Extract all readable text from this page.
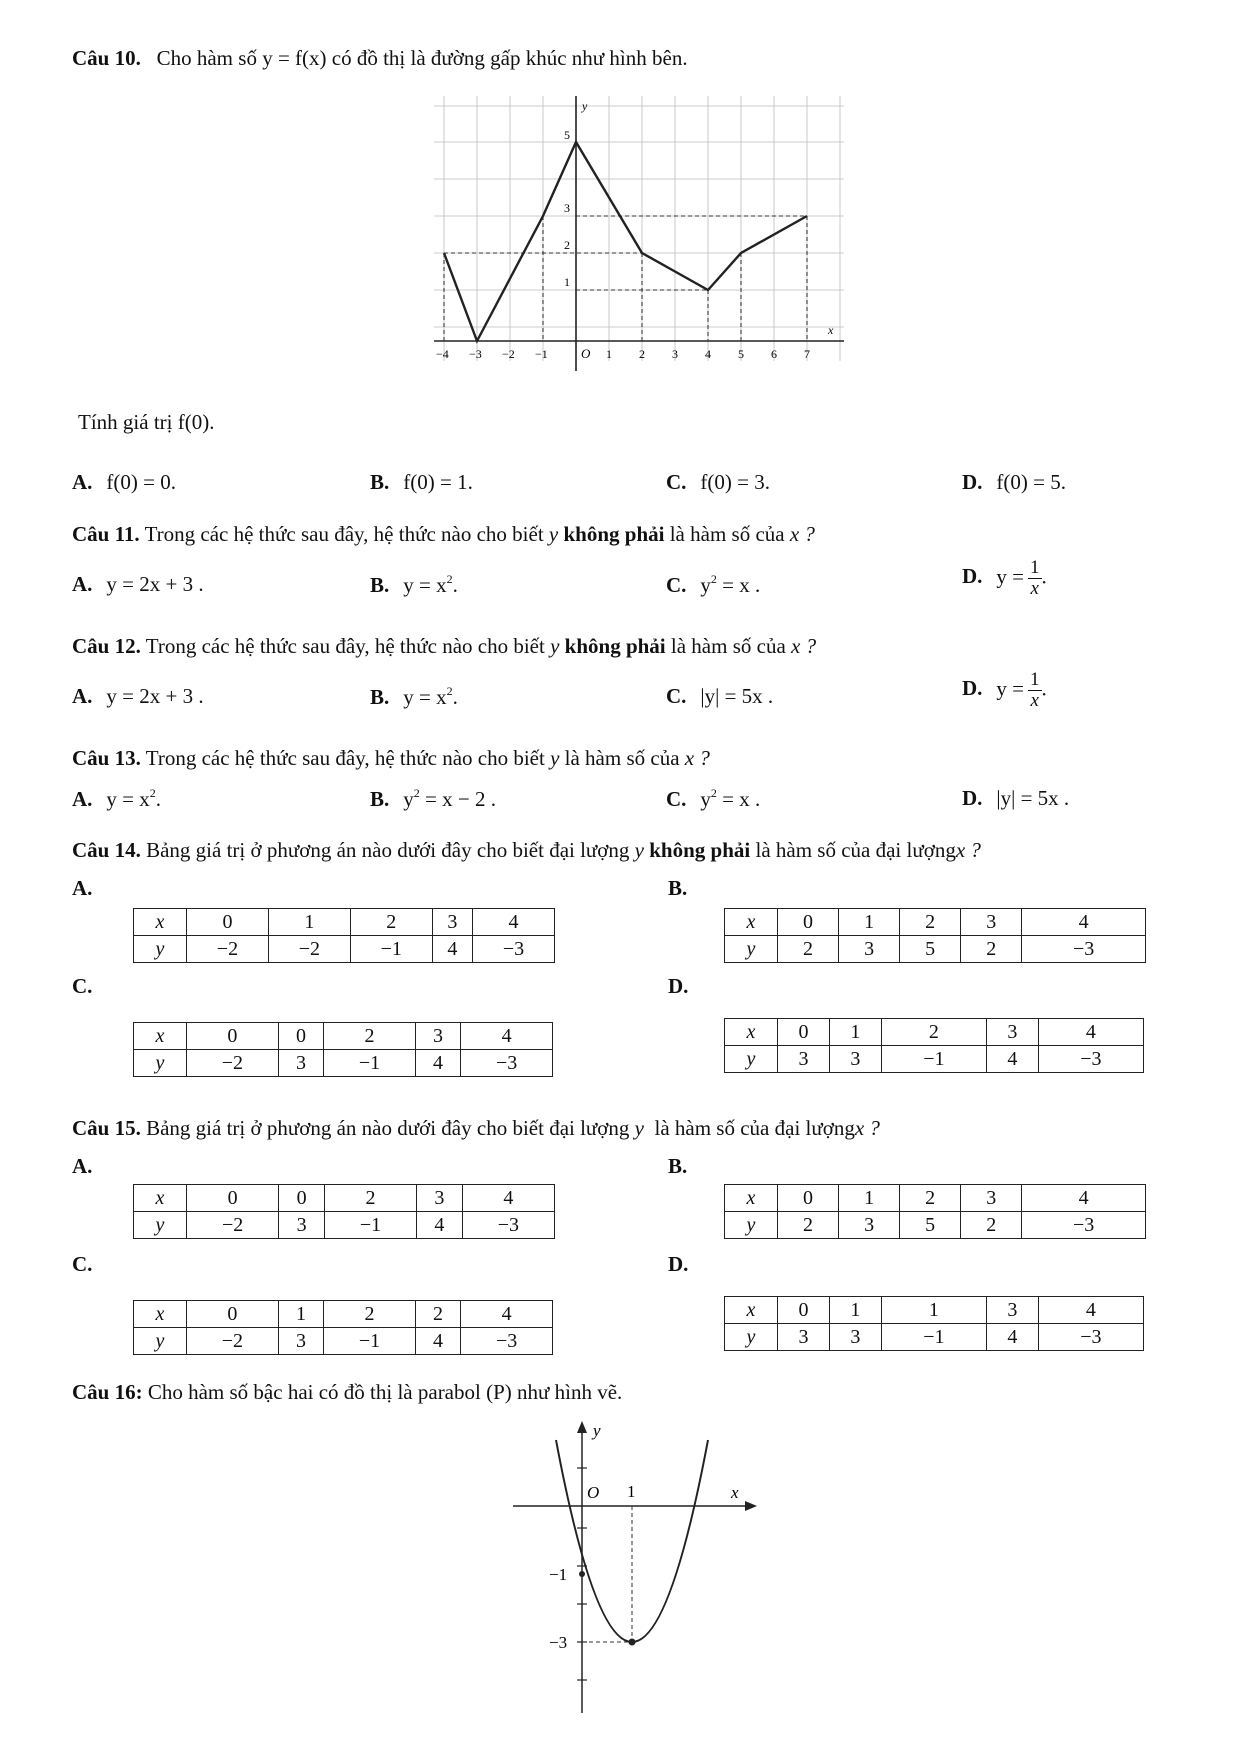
Câu 10. Cho hàm số y = f(x) có đồ thị là đường gấp khúc như hình bên.
y
x
O
5
3
2
1
−4 −3 −2 −1	1 2 3 4 5 6 7
Tính giá trị f(0).
A. f(0) = 0.	B. f(0) = 1.	C. f(0) = 3.	D. f(0) = 5.
Câu 11. Trong các hệ thức sau đây, hệ thức nào cho biết y không phải là hàm số của x ?
A. y = 2x + 3 .	B. $y = x^2$.	C. $y^2 = x$ .	D. $y = \frac{1}{x}$ .
Câu 12. Trong các hệ thức sau đây, hệ thức nào cho biết y không phải là hàm số của x ?
A. y = 2x + 3 .	B. $y = x^2$.	C. |y| = 5x .	D. $y = \frac{1}{x}$ .
Câu 13. Trong các hệ thức sau đây, hệ thức nào cho biết y là hàm số của x ?
A. $y = x^2$.	B. $y^2 = x - 2$ .	C. $y^2 = x$ .	D. |y| = 5x .
Câu 14. Bảng giá trị ở phương án nào dưới đây cho biết đại lượng y không phải là hàm số của đại lượngx ?
A.	B.
C.	D.
x	0	1	2	3	4
y	−2	−2	−1	4	−3
x	0	1	2	3	4
y	2	3	5	2	−3
x	0	0	2	3	4
y	−2	3	−1	4	−3
x	0	1	2	3	4
y	3	3	−1	4	−3
Câu 15. Bảng giá trị ở phương án nào dưới đây cho biết đại lượng y là hàm số của đại lượngx ?
A.	B.
C.	D.
x	0	0	2	3	4
y	−2	3	−1	4	−3
x	0	1	2	3	4
y	2	3	5	2	−3
x	0	1	2	2	4
y	−2	3	−1	4	−3
x	0	1	1	3	4
y	3	3	−1	4	−3
Câu 16: Cho hàm số bậc hai có đồ thị là parabol (P) như hình vẽ.
y
x
O 1
−1
−3
